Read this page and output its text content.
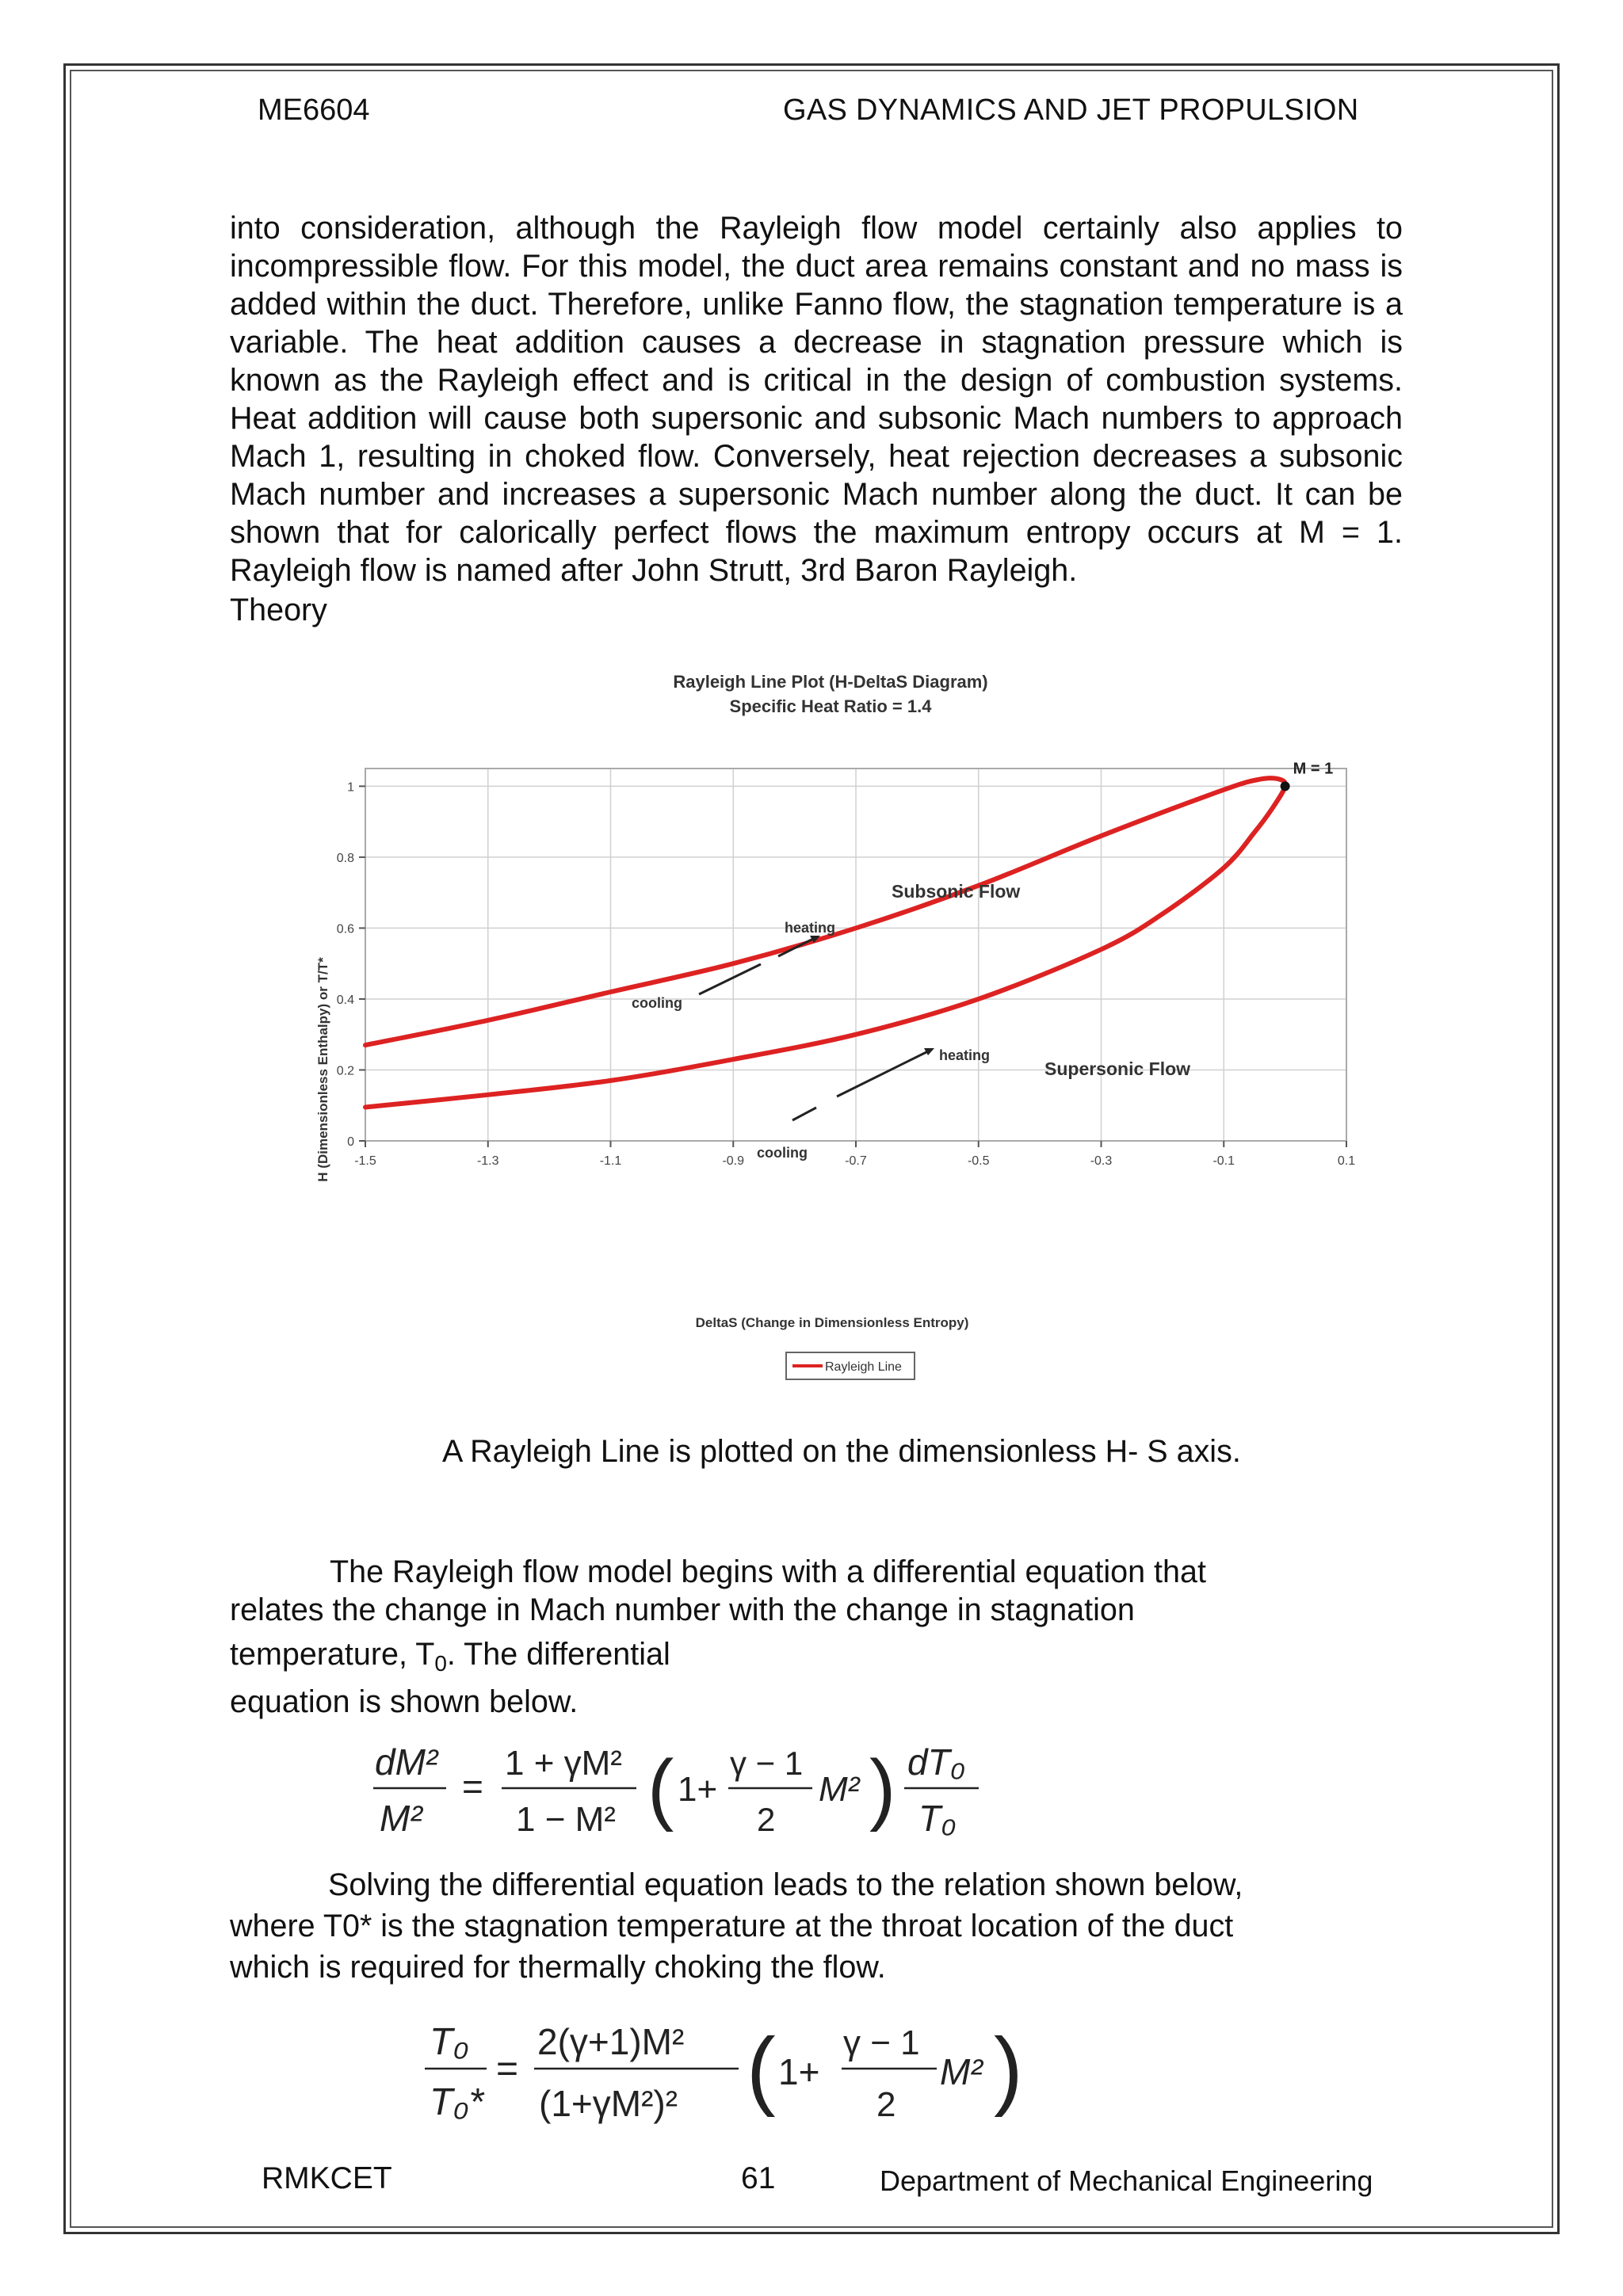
ME6604	GAS DYNAMICS AND JET PROPULSION
into consideration, although the Rayleigh flow model certainly also applies to
incompressible flow. For this model, the duct area remains constant and no mass is
added within the duct. Therefore, unlike Fanno flow, the stagnation temperature is a
variable. The heat addition causes a decrease in stagnation pressure which is
known as the Rayleigh effect and is critical in the design of combustion systems.
Heat addition will cause both supersonic and subsonic Mach numbers to approach
Mach 1, resulting in choked flow. Conversely, heat rejection decreases a subsonic
Mach number and increases a supersonic Mach number along the duct. It can be
shown that for calorically perfect flows the maximum entropy occurs at M = 1.
Rayleigh flow is named after John Strutt, 3rd Baron Rayleigh.
Theory
Rayleigh Line Plot (H-DeltaS Diagram)
Specific Heat Ratio = 1.4
-1.5	-1.3	-1.1	-0.9	-0.7	-0.5	-0.3	-0.1	0.1
0
0.2
0.4
0.6
0.8
1
DeltaS (Change in Dimensionless Entropy)
H (Dimensionless Enthalpy) or T/T*
M = 1
Subsonic Flow
Supersonic Flow
heating
cooling
heating
cooling
Rayleigh Line
A Rayleigh Line is plotted on the dimensionless H- S axis.
The Rayleigh flow model begins with a differential equation that
relates the change in Mach number with the change in stagnation
temperature, $T_0$. The differential
equation is shown below.
dM²
M²
=
1 + γM²
1 − M² ( 1+
γ − 1
2
M² ) dT₀
T₀
Solving the differential equation leads to the relation shown below,
where T0* is the stagnation temperature at the throat location of the duct
which is required for thermally choking the flow.
T₀
T₀*
=
2(γ+1)M²
(1+γM²)² ( 1+
γ − 1
2
M² )
RMKCET	61	Department of Mechanical Engineering
